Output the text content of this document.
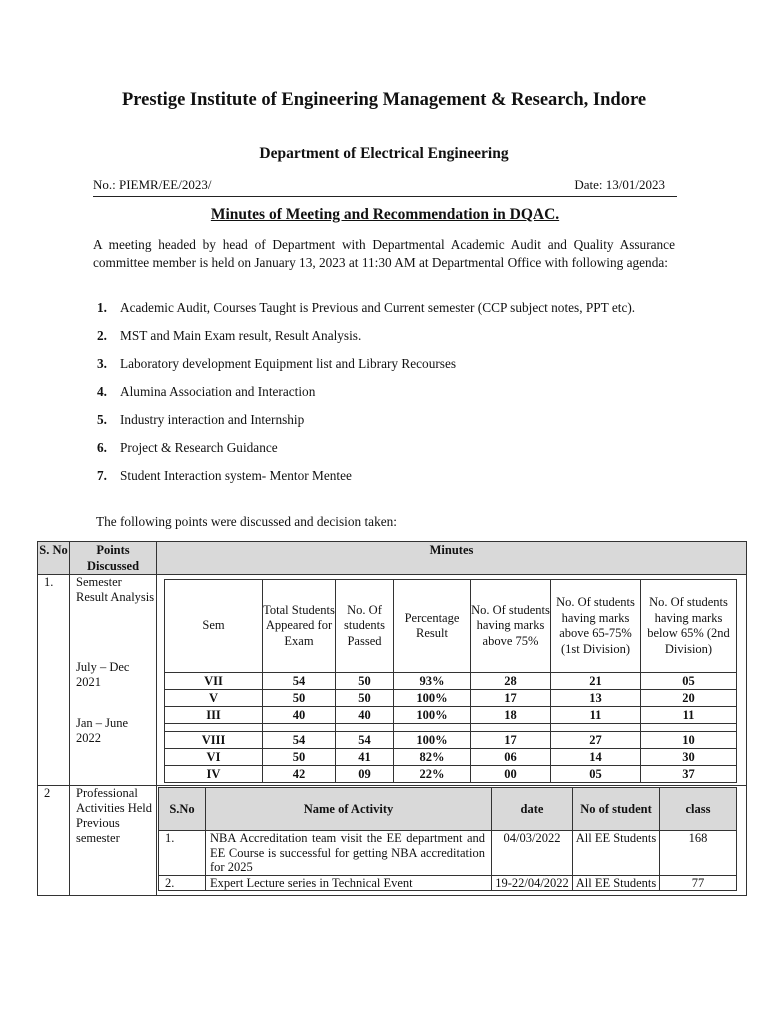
Prestige Institute of Engineering Management & Research, Indore
Department of Electrical Engineering
No.: PIEMR/EE/2023/	Date: 13/01/2023
Minutes of Meeting and Recommendation in DQAC.
A meeting headed by head of Department with Departmental Academic Audit and Quality Assurance committee member is held on January 13, 2023 at 11:30 AM at Departmental Office with following agenda:
1. Academic Audit, Courses Taught is Previous and Current semester (CCP subject notes, PPT etc).
2. MST and Main Exam result, Result Analysis.
3. Laboratory development Equipment list and Library Recourses
4. Alumina Association and Interaction
5. Industry interaction and Internship
6. Project & Research Guidance
7. Student Interaction system- Mentor Mentee
The following points were discussed and decision taken:
S. No	Points Discussed	Minutes
1.	Semester Result Analysis
July – Dec 2021
Jan – June 2022	
Sem	Total Students Appeared for Exam	No. Of students Passed	Percentage Result	No. Of students having marks above 75%	No. Of students having marks above 65-75% (1st Division)	No. Of students having marks below 65% (2nd Division)
VII	54	50	93%	28	21	05
V	50	50	100%	17	13	20
III	40	40	100%	18	11	11

VIII	54	54	100%	17	27	10
VI	50	41	82%	06	14	30
IV	42	09	22%	00	05	37

2	Professional Activities Held Previous semester	
S.No	Name of Activity	date	No of student	class
1.	NBA Accreditation team visit the EE department and EE Course is successful for getting NBA accreditation for 2025	04/03/2022	All EE Students	168
2.	Expert Lecture series in Technical Event	19-22/04/2022	All EE Students	77
